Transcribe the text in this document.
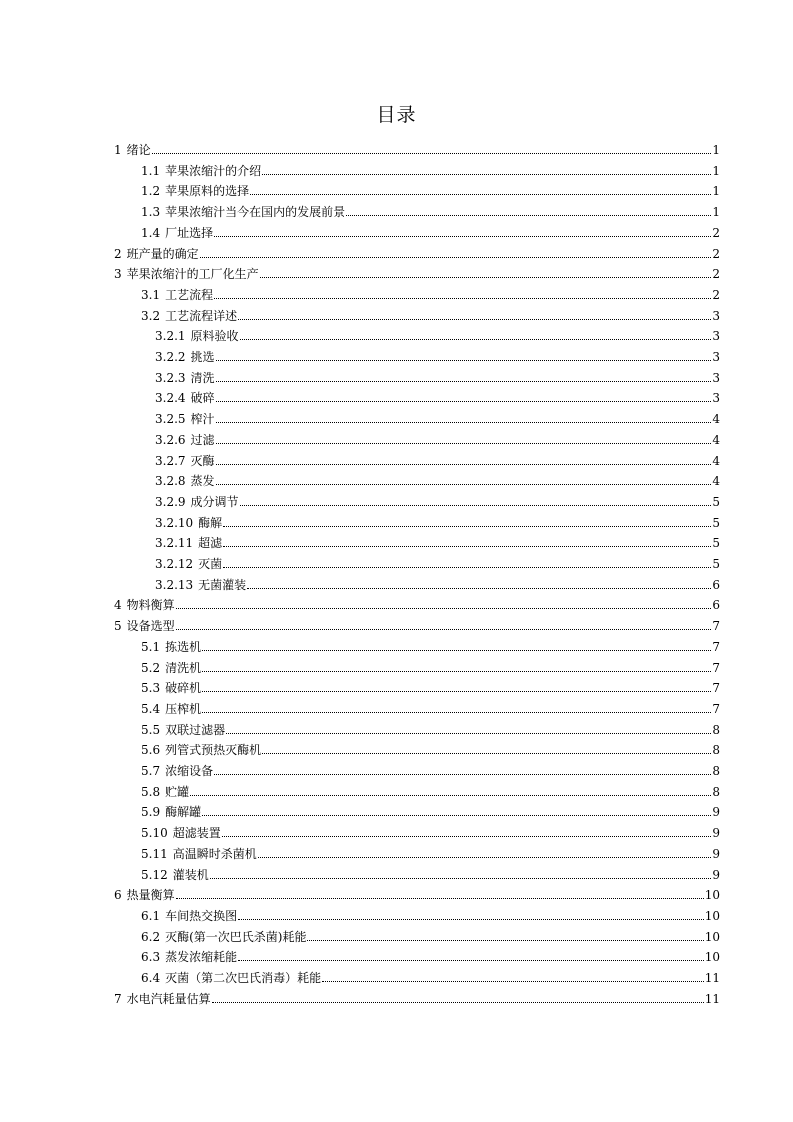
目录
1 绪论	1
1.1 苹果浓缩汁的介绍	1
1.2 苹果原料的选择	1
1.3 苹果浓缩汁当今在国内的发展前景	1
1.4 厂址选择	2
2 班产量的确定	2
3 苹果浓缩汁的工厂化生产	2
3.1 工艺流程	2
3.2 工艺流程详述	3
3.2.1 原料验收	3
3.2.2 挑选	3
3.2.3 清洗	3
3.2.4 破碎	3
3.2.5 榨汁	4
3.2.6 过滤	4
3.2.7 灭酶	4
3.2.8 蒸发	4
3.2.9 成分调节	5
3.2.10 酶解	5
3.2.11 超滤	5
3.2.12 灭菌	5
3.2.13 无菌灌装	6
4 物料衡算	6
5 设备选型	7
5.1 拣选机	7
5.2 清洗机	7
5.3 破碎机	7
5.4 压榨机	7
5.5 双联过滤器	8
5.6 列管式预热灭酶机	8
5.7 浓缩设备	8
5.8 贮罐	8
5.9 酶解罐	9
5.10 超滤装置	9
5.11 高温瞬时杀菌机	9
5.12 灌装机	9
6 热量衡算	10
6.1 车间热交换图	10
6.2 灭酶(第一次巴氏杀菌)耗能	10
6.3 蒸发浓缩耗能	10
6.4 灭菌（第二次巴氏消毒）耗能	11
7 水电汽耗量估算	11
